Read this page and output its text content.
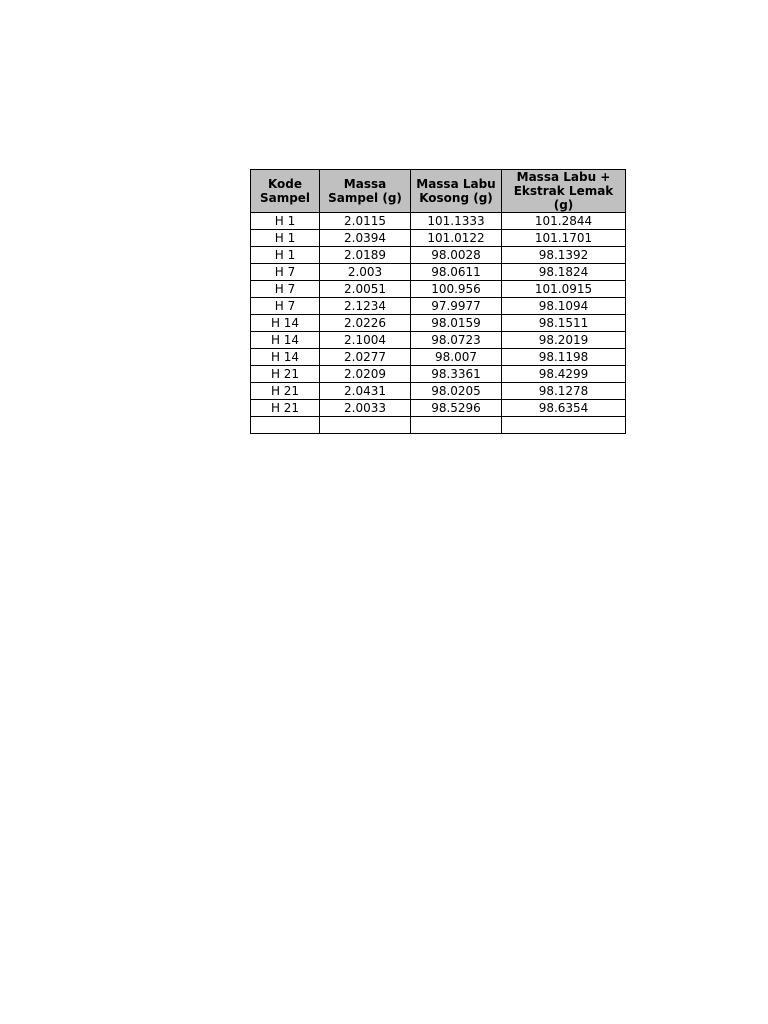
Kode Sampel	Massa Sampel (g)	Massa Labu Kosong (g)	Massa Labu + Ekstrak Lemak (g)

H 1	2.0115	101.1333	101.2844
H 1	2.0394	101.0122	101.1701
H 1	2.0189	98.0028	98.1392
H 7	2.003	98.0611	98.1824
H 7	2.0051	100.956	101.0915
H 7	2.1234	97.9977	98.1094
H 14	2.0226	98.0159	98.1511
H 14	2.1004	98.0723	98.2019
H 14	2.0277	98.007	98.1198
H 21	2.0209	98.3361	98.4299
H 21	2.0431	98.0205	98.1278
H 21	2.0033	98.5296	98.6354
